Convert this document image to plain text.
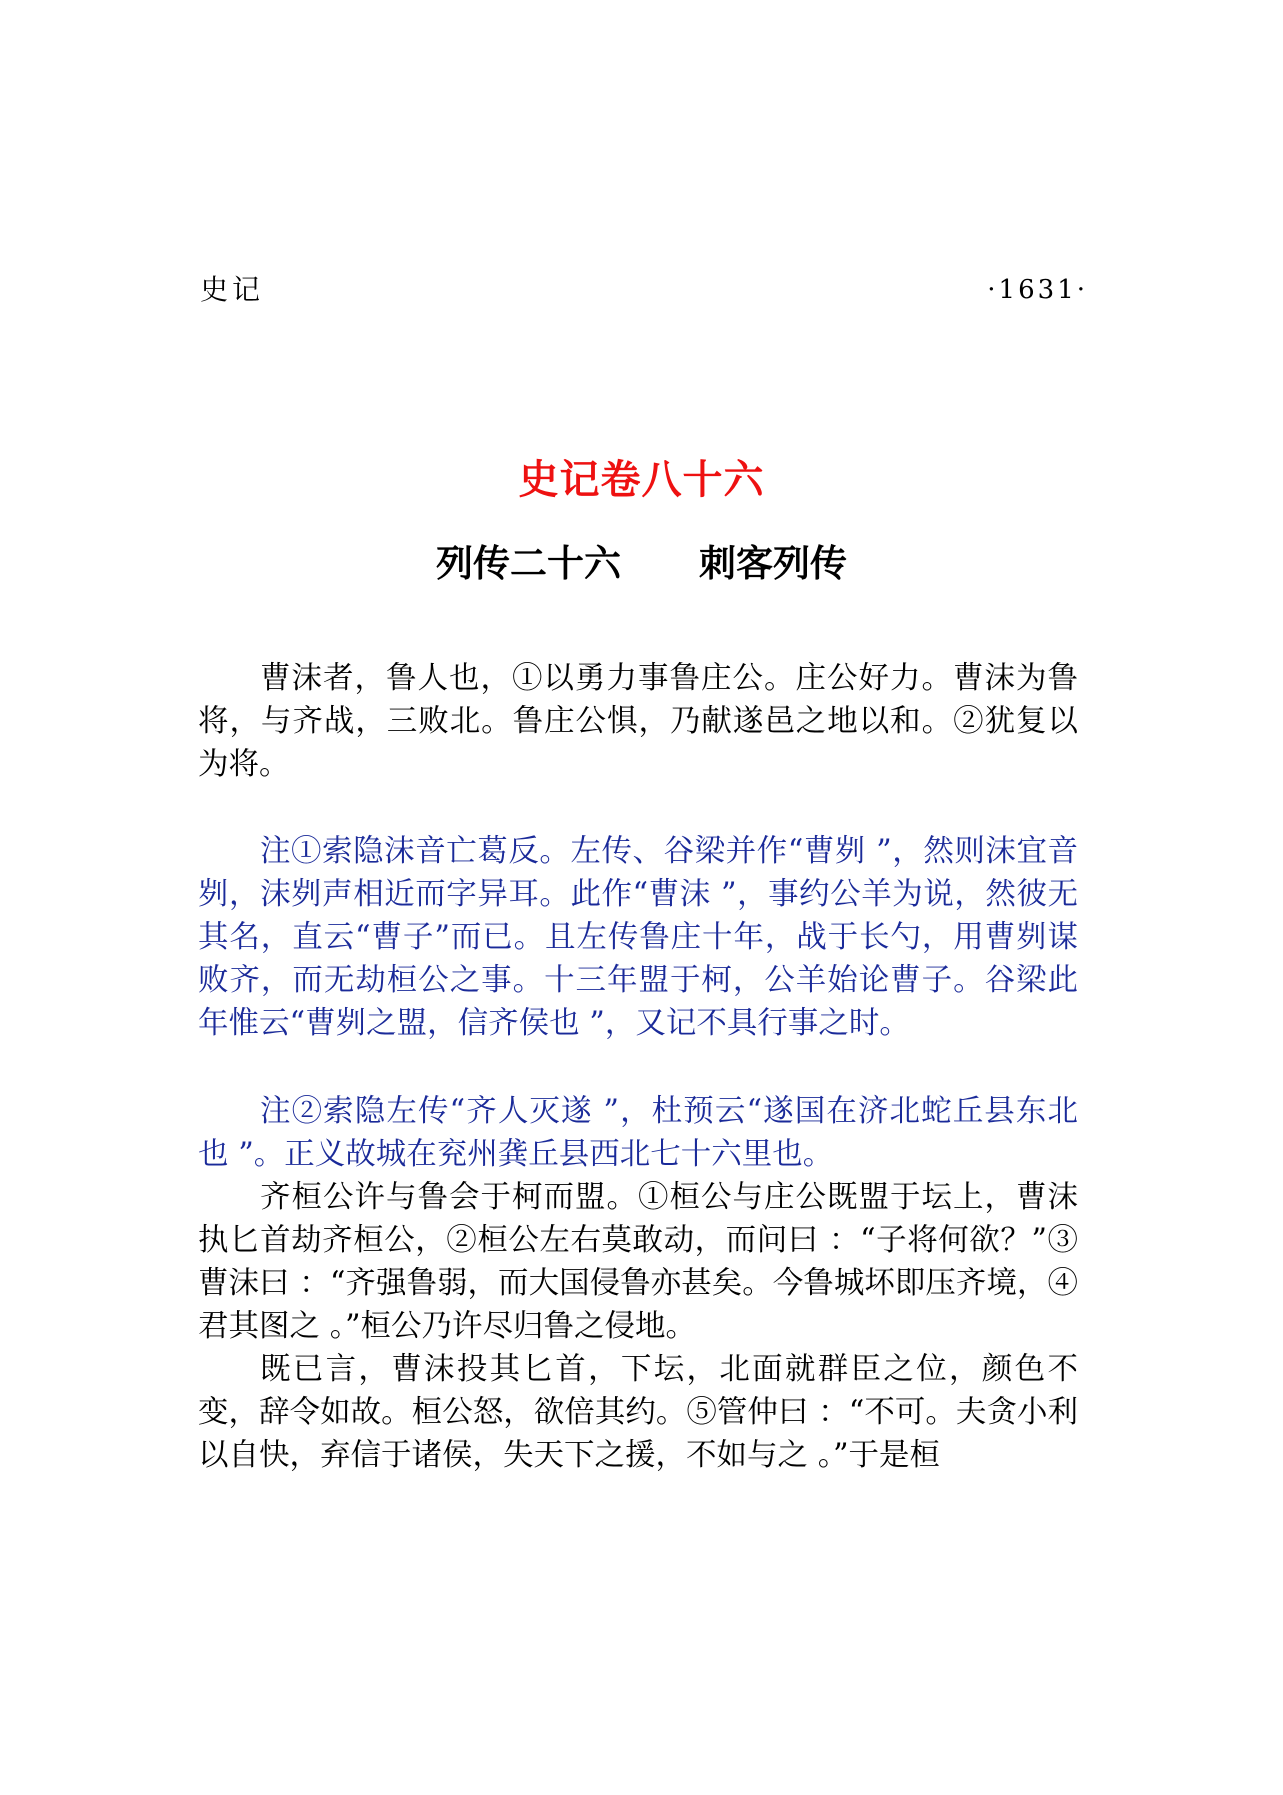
史记	·1631·
史记卷八十六
列传二十六 刺客列传

曹沫者，鲁人也，①以勇力事鲁庄公。庄公好力。曹沫为鲁将，与齐战，三败北。鲁庄公惧，乃献遂邑之地以和。②犹复以为将。

注①索隐沫音亡葛反。左传、谷梁并作“曹刿 ”，然则沫宜音刿，沫刿声相近而字异耳。此作“曹沫 ”，事约公羊为说，然彼无其名，直云“曹子”而已。且左传鲁庄十年，战于长勺，用曹刿谋败齐，而无劫桓公之事。十三年盟于柯，公羊始论曹子。谷梁此年惟云“曹刿之盟，信齐侯也 ”，又记不具行事之时。

注②索隐左传“齐人灭遂 ”，杜预云“遂国在济北蛇丘县东北也 ”。正义故城在兖州龚丘县西北七十六里也。

齐桓公许与鲁会于柯而盟。①桓公与庄公既盟于坛上，曹沫执匕首劫齐桓公，②桓公左右莫敢动，而问曰 ：“子将何欲？”③曹沫曰 ：“齐强鲁弱，而大国侵鲁亦甚矣。今鲁城坏即压齐境，④君其图之 。”桓公乃许尽归鲁之侵地。

既已言，曹沫投其匕首，下坛，北面就群臣之位，颜色不变，辞令如故。桓公怒，欲倍其约。⑤管仲曰 ：“不可。夫贪小利以自快，弃信于诸侯，失天下之援，不如与之 。”于是桓
